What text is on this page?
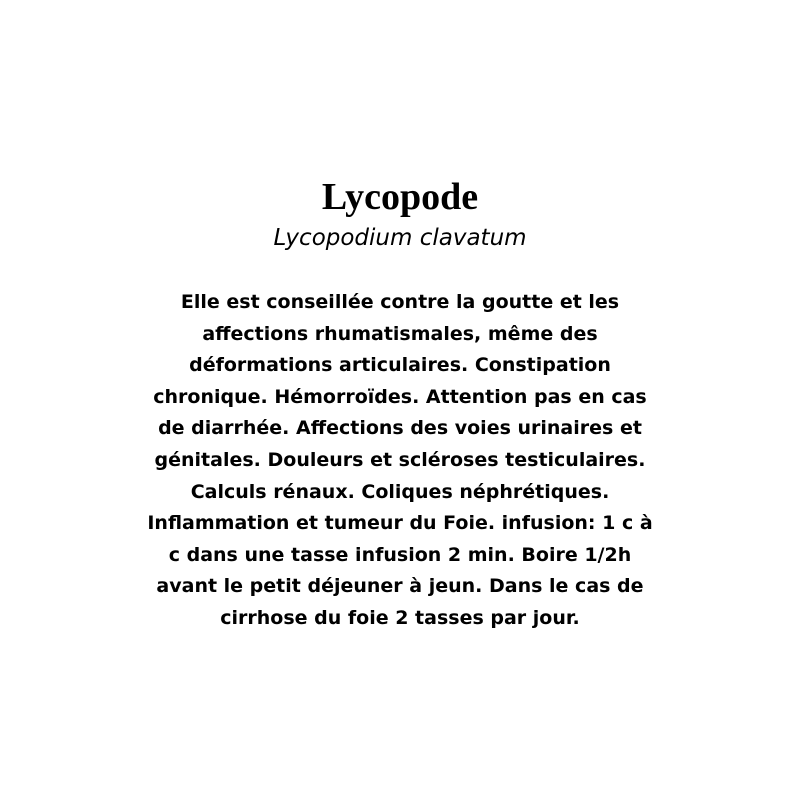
Lycopode

Lycopodium clavatum

Elle est conseillée contre la goutte et les
affections rhumatismales, même des
déformations articulaires. Constipation
chronique. Hémorroïdes. Attention pas en cas
de diarrhée. Affections des voies urinaires et
génitales. Douleurs et scléroses testiculaires.
Calculs rénaux. Coliques néphrétiques.
Inflammation et tumeur du Foie. infusion: 1 c à
c dans une tasse infusion 2 min. Boire 1/2h
avant le petit déjeuner à jeun. Dans le cas de
cirrhose du foie 2 tasses par jour.
